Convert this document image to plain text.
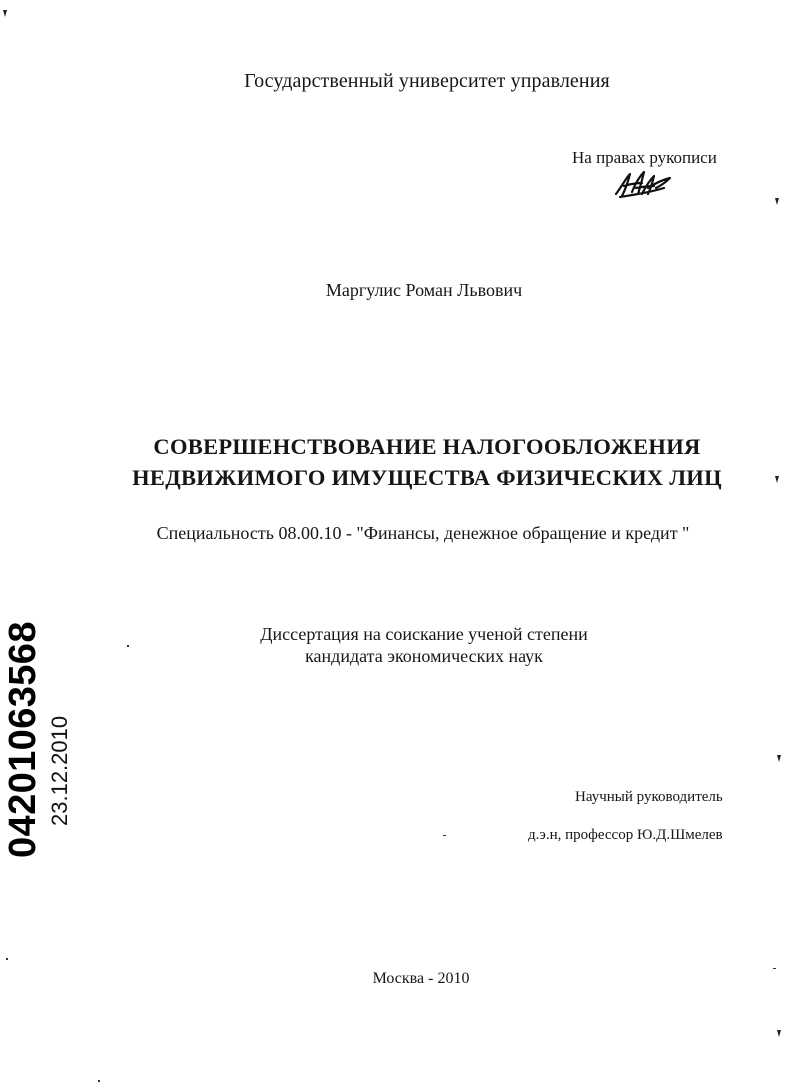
Государственный университет управления
На правах рукописи
Маргулис Роман Львович
СОВЕРШЕНСТВОВАНИЕ НАЛОГООБЛОЖЕНИЯ
НЕДВИЖИМОГО ИМУЩЕСТВА ФИЗИЧЕСКИХ ЛИЦ
Специальность 08.00.10 - "Финансы, денежное обращение и кредит "
Диссертация на соискание ученой степени
кандидата экономических наук
Научный руководитель
д.э.н, профессор Ю.Д.Шмелев
Москва - 2010
04201063568 23.12.2010
